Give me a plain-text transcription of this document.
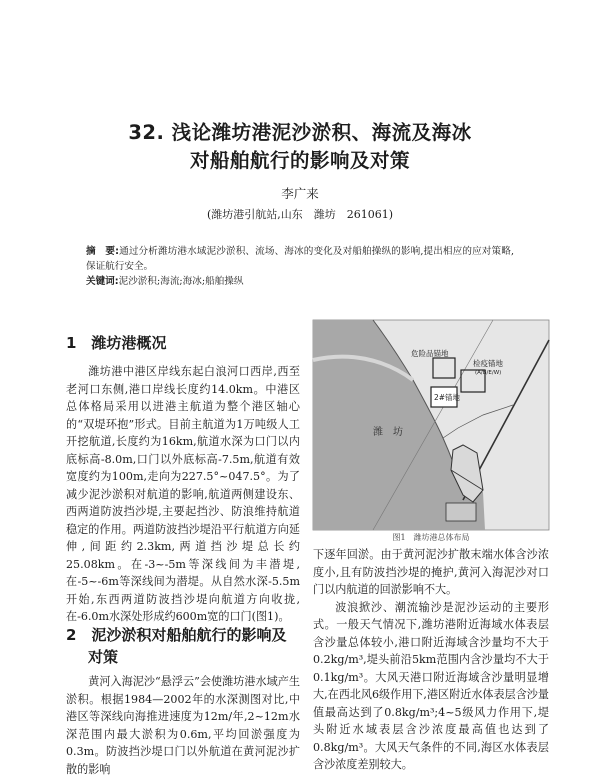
32. 浅论潍坊港泥沙淤积、海流及海冰
对船舶航行的影响及对策
李广来
(潍坊港引航站,山东　潍坊　261061)
摘　要:通过分析潍坊港水域泥沙淤积、流场、海冰的变化及对船舶操纵的影响,提出相应的应对策略,保证航行安全。
关键词:泥沙淤积;海流;海冰;船舶操纵
1　潍坊港概况

潍坊港中港区岸线东起白浪河口西岸,西至老河口东侧,港口岸线长度约14.0km。中港区总体格局采用以进港主航道为整个港区轴心的“双堤环抱”形式。目前主航道为1万吨级人工开挖航道,长度约为16km,航道水深为口门以内底标高-8.0m,口门以外底标高-7.5m,航道有效宽度约为100m,走向为227.5°~047.5°。为了减少泥沙淤积对航道的影响,航道两侧建设东、西两道防波挡沙堤,主要起挡沙、防浪维持航道稳定的作用。两道防波挡沙堤沿平行航道方向延伸,间距约2.3km,两道挡沙堤总长约25.08km。在-3~-5m等深线间为丰潜堤,在-5~-6m等深线间为潜堤。从自然水深-5.5m开始,东西两道防波挡沙堤向航道方向收拢,在-6.0m水深处形成约600m宽的口门(图1)。

2　泥沙淤积对船舶航行的影响及
对策

黄河入海泥沙“悬浮云”会使潍坊港水域产生淤积。根据1984—2002年的水深测图对比,中港区等深线向海推进速度为12m/年,2~12m水深范围内最大淤积为0.6m,平均回淤强度为0.3m。防波挡沙堤口门以外航道在黄河泥沙扩散的影响

危险品锚地
检疫锚地
(A/B/E/W)
2#锚地
潍　坊
图1　潍坊港总体布局

下逐年回淤。由于黄河泥沙扩散末端水体含沙浓度小,且有防波挡沙堤的掩护,黄河入海泥沙对口门以内航道的回淤影响不大。

波浪掀沙、潮流输沙是泥沙运动的主要形式。一般天气情况下,潍坊港附近海域水体表层含沙量总体较小,港口附近海域含沙量均不大于0.2kg/m³,堤头前沿5km范围内含沙量均不大于0.1kg/m³。大风天港口附近海域含沙量明显增大,在西北风6级作用下,港区附近水体表层含沙量值最高达到了0.8kg/m³;4~5级风力作用下,堤头附近水域表层含沙浓度最高值也达到了0.8kg/m³。大风天气条件的不同,海区水体表层含沙浓度差别较大。
